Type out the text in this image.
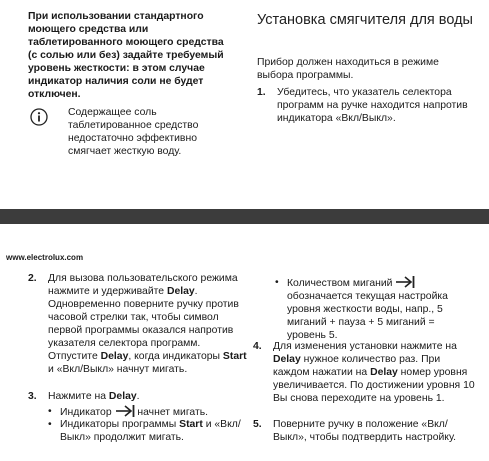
При использовании стандартного моющего средства или таблетированного моющего средства (с солью или без) задайте требуемый уровень жесткости: в этом случае индикатор наличия соли не будет отключен.
Содержащее соль таблетированное средство недостаточно эффективно смягчает жесткую воду.
Установка смягчителя для воды
Прибор должен находиться в режиме выбора программы.
1. Убедитесь, что указатель селектора программ на ручке находится напротив индикатора «Вкл/Выкл».
www.electrolux.com
2. Для вызова пользовательского режима нажмите и удерживайте Delay. Одновременно поверните ручку против часовой стрелки так, чтобы символ первой программы оказался напротив указателя селектора программ. Отпустите Delay, когда индикаторы Start и «Вкл/Выкл» начнут мигать.
3. Нажмите на Delay.
• Индикатор  начнет мигать.
• Индикаторы программы Start и «Вкл/Выкл» продолжит мигать.
• Количеством миганий  обозначается текущая настройка уровня жесткости воды, напр., 5 миганий + пауза + 5 миганий = уровень 5.
4. Для изменения установки нажмите на Delay нужное количество раз. При каждом нажатии на Delay номер уровня увеличивается. По достижении уровня 10 Вы снова переходите на уровень 1.
5. Поверните ручку в положение «Вкл/Выкл», чтобы подтвердить настройку.
